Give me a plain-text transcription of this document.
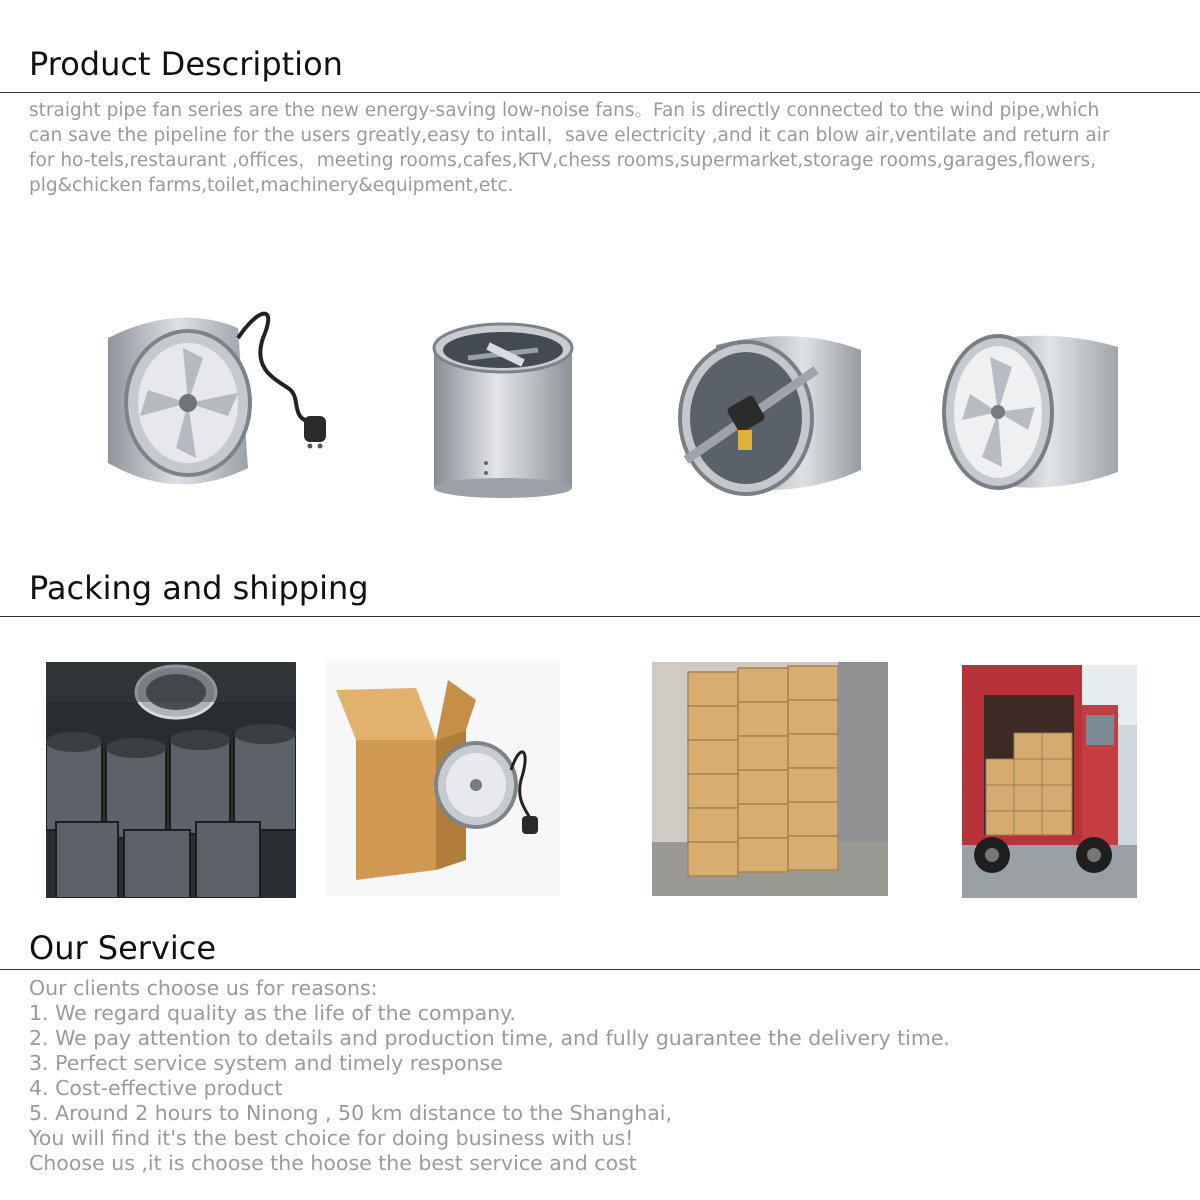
Product Description

straight pipe fan series are the new energy-saving low-noise fans。Fan is directly connected to the wind pipe,which can save the pipeline for the users greatly,easy to intall，save electricity ,and it can blow air,ventilate and return air for ho-tels,restaurant ,offices，meeting rooms,cafes,KTV,chess rooms,supermarket,storage rooms,garages,flowers, plg&chicken farms,toilet,machinery&equipment,etc.

Packing and shipping
Our Service
Our clients choose us for reasons:
1. We regard quality as the life of the company.
2. We pay attention to details and production time, and fully guarantee the delivery time.
3. Perfect service system and timely response
4. Cost-effective product
5. Around 2 hours to Ninong , 50 km distance to the Shanghai,
You will find it's the best choice for doing business with us!
Choose us ,it is choose the hoose the best service and cost
